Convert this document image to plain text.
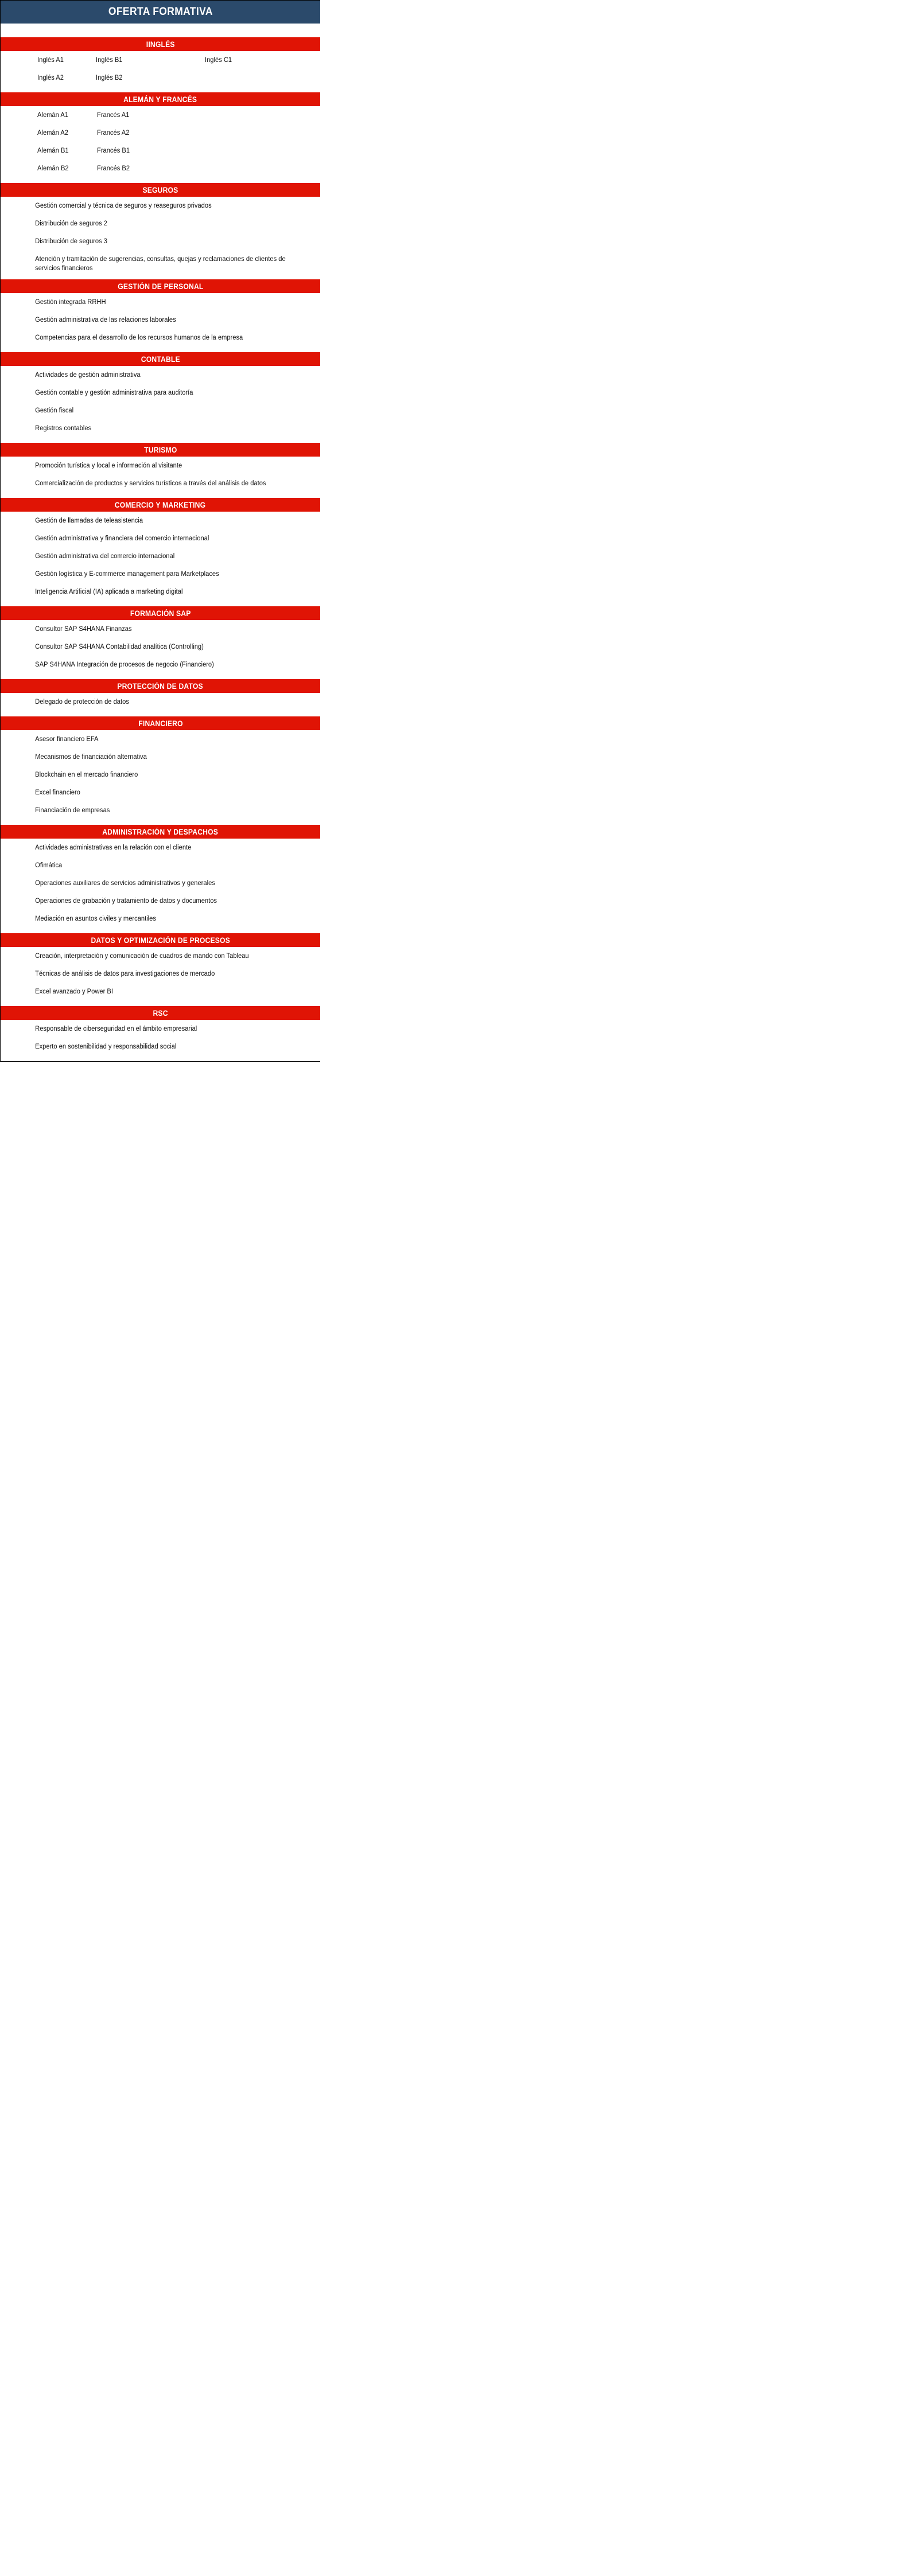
OFERTA FORMATIVA
IINGLÉS
Inglés A1	Inglés B1	Inglés C1
Inglés A2	Inglés B2
ALEMÁN Y FRANCÉS
Alemán A1	Francés A1
Alemán A2	Francés A2
Alemán B1	Francés B1
Alemán B2	Francés B2
SEGUROS
Gestión comercial y técnica de seguros y reaseguros privados
Distribución de seguros 2
Distribución de seguros 3
Atención y tramitación de sugerencias, consultas, quejas y reclamaciones de clientes de servicios financieros
GESTIÓN DE PERSONAL
Gestión integrada RRHH
Gestión administrativa de las relaciones laborales
Competencias para el desarrollo de los recursos humanos de la empresa
CONTABLE
Actividades de gestión administrativa
Gestión contable y gestión administrativa para auditoría
Gestión fiscal
Registros contables
TURISMO
Promoción turística y local e información al visitante
Comercialización de productos y servicios turísticos a través del análisis de datos
COMERCIO Y MARKETING
Gestión de llamadas de teleasistencia
Gestión administrativa y financiera del comercio internacional
Gestión administrativa del comercio internacional
Gestión logística y E-commerce management para Marketplaces
Inteligencia Artificial (IA) aplicada a marketing digital
FORMACIÓN SAP
Consultor SAP S4HANA Finanzas
Consultor SAP S4HANA Contabilidad analítica (Controlling)
SAP S4HANA Integración de procesos de negocio (Financiero)
PROTECCIÓN DE DATOS
Delegado de protección de datos
FINANCIERO
Asesor financiero EFA
Mecanismos de financiación alternativa
Blockchain en el mercado financiero
Excel financiero
Financiación de empresas
ADMINISTRACIÓN Y DESPACHOS
Actividades administrativas en la relación con el cliente
Ofimática
Operaciones auxiliares de servicios administrativos y generales
Operaciones de grabación y tratamiento de datos y documentos
Mediación en asuntos civiles y mercantiles
DATOS Y OPTIMIZACIÓN DE PROCESOS
Creación, interpretación y comunicación de cuadros de mando con Tableau
Técnicas de análisis de datos para investigaciones de mercado
Excel avanzado y Power BI
RSC
Responsable de ciberseguridad en el ámbito empresarial
Experto en sostenibilidad y responsabilidad social
